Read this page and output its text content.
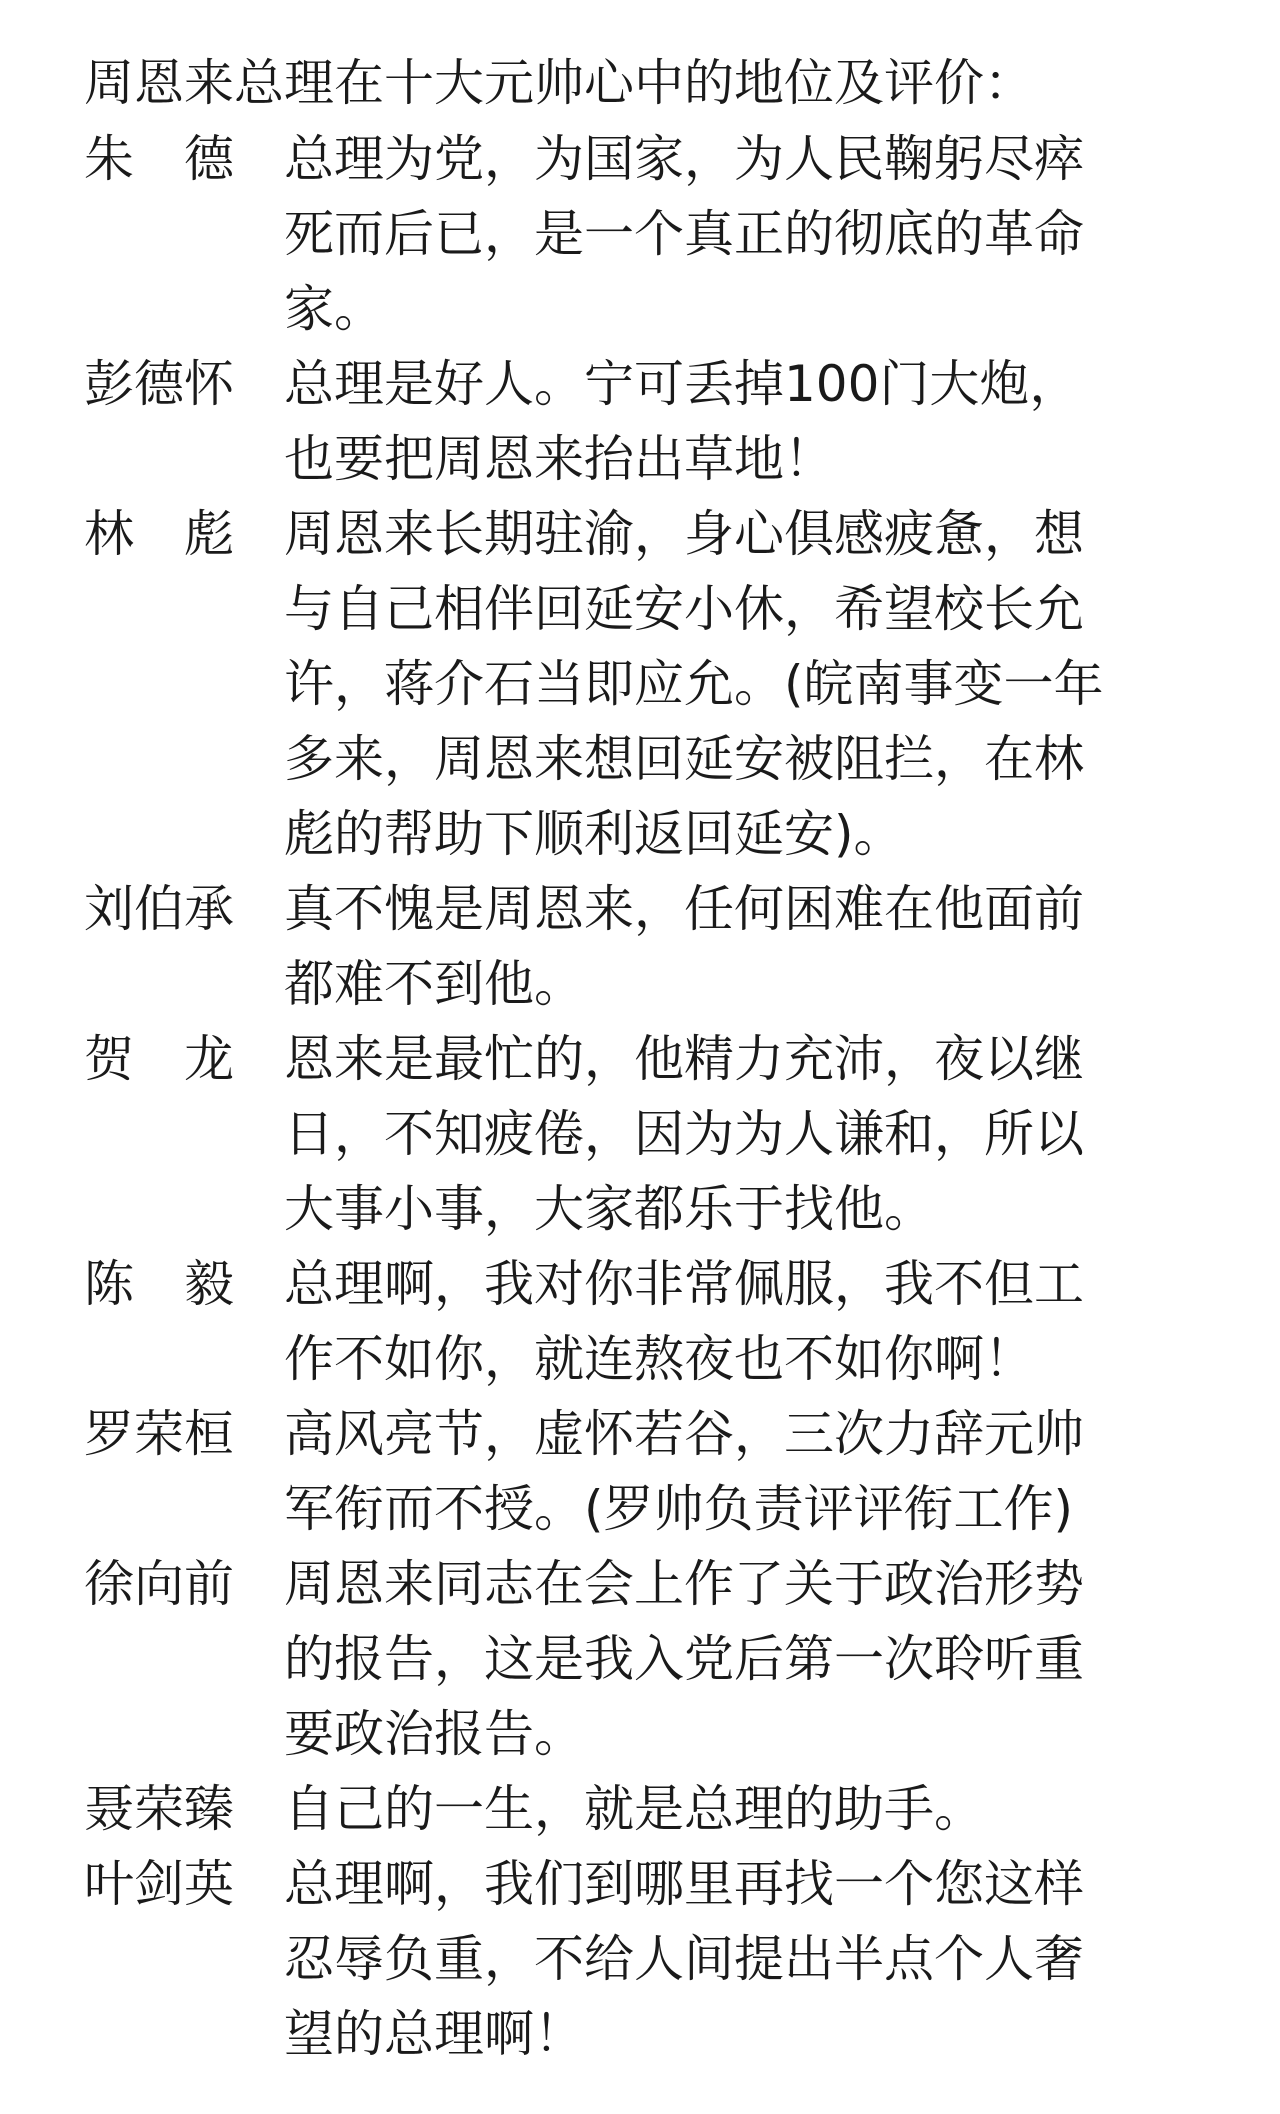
周恩来总理在十大元帅心中的地位及评价：
朱　德	总理为党，为国家，为人民鞠躬尽瘁
死而后已，是一个真正的彻底的革命
家。
彭德怀	总理是好人。宁可丢掉100门大炮，
也要把周恩来抬出草地！
林　彪	周恩来长期驻渝，身心俱感疲惫，想
与自己相伴回延安小休，希望校长允
许，蒋介石当即应允。(皖南事变一年
多来，周恩来想回延安被阻拦，在林
彪的帮助下顺利返回延安)。
刘伯承	真不愧是周恩来，任何困难在他面前
都难不到他。
贺　龙	恩来是最忙的，他精力充沛，夜以继
日，不知疲倦，因为为人谦和，所以
大事小事，大家都乐于找他。
陈　毅	总理啊，我对你非常佩服，我不但工
作不如你，就连熬夜也不如你啊！
罗荣桓	高风亮节，虚怀若谷，三次力辞元帅
军衔而不授。(罗帅负责评评衔工作)
徐向前	周恩来同志在会上作了关于政治形势
的报告，这是我入党后第一次聆听重
要政治报告。
聂荣臻	自己的一生，就是总理的助手。
叶剑英	总理啊，我们到哪里再找一个您这样
忍辱负重，不给人间提出半点个人奢
望的总理啊！
